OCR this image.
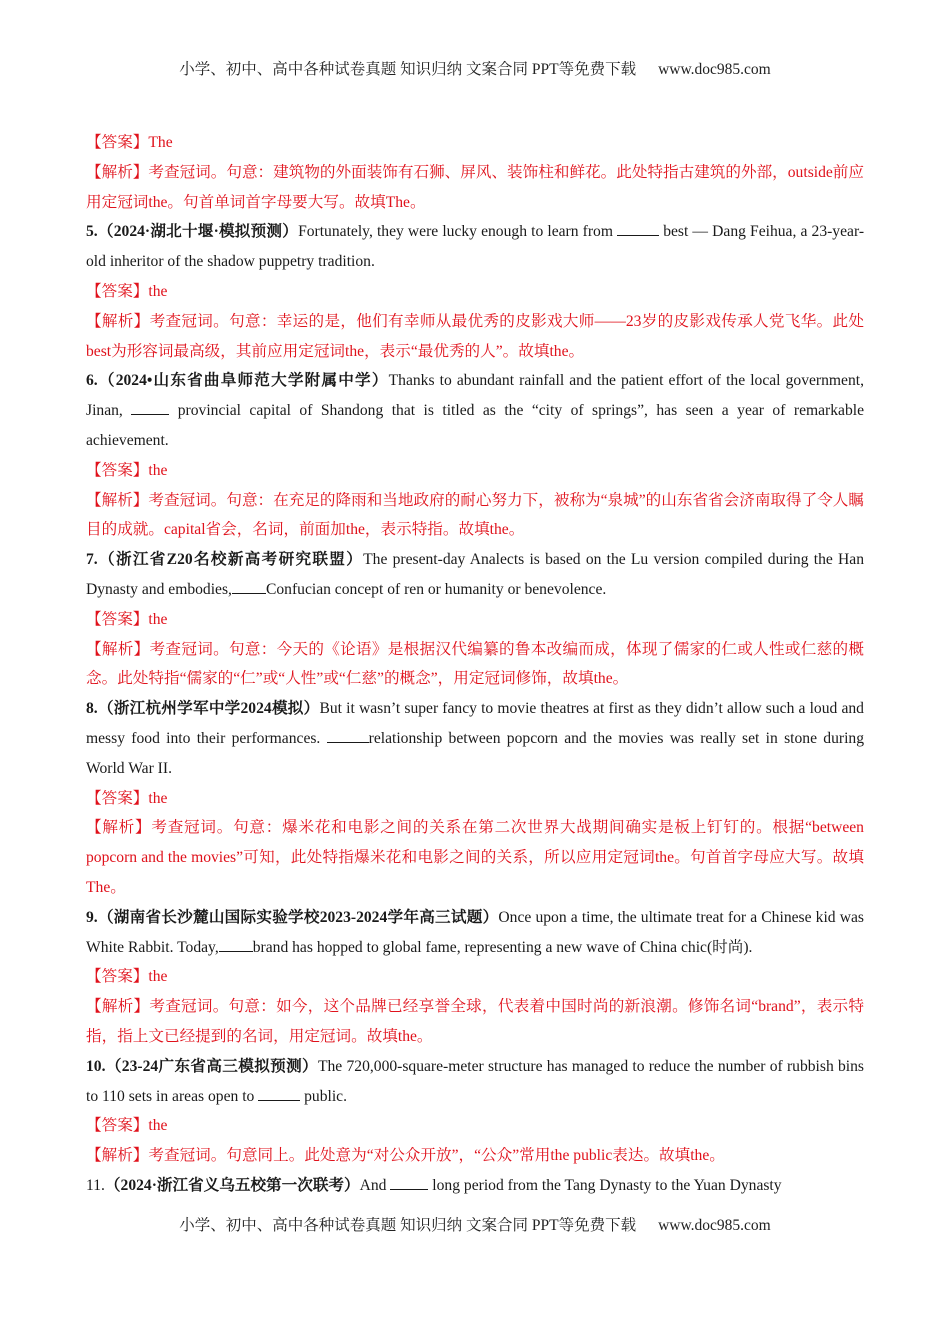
小学、初中、高中各种试卷真题 知识归纳 文案合同 PPT等免费下载 www.doc985.com

【答案】The

【解析】考查冠词。句意：建筑物的外面装饰有石狮、屏风、装饰柱和鲜花。此处特指古建筑的外部，outside前应用定冠词the。句首单词首字母要大写。故填The。

5.（2024·湖北十堰·模拟预测）Fortunately, they were lucky enough to learn from	best — Dang Feihua, a 23-year-old inheritor of the shadow puppetry tradition.

【答案】the

【解析】考查冠词。句意：幸运的是，他们有幸师从最优秀的皮影戏大师——23岁的皮影戏传承人党飞华。此处best为形容词最高级，其前应用定冠词the，表示“最优秀的人”。故填the。

6.（2024•山东省曲阜师范大学附属中学）Thanks to abundant rainfall and the patient effort of the local government, Jinan,  provincial capital of Shandong that is titled as the “city of springs”, has seen a year of remarkable achievement.

【答案】the

【解析】考查冠词。句意：在充足的降雨和当地政府的耐心努力下，被称为“泉城”的山东省省会济南取得了令人瞩目的成就。capital省会，名词，前面加the，表示特指。故填the。

7.（浙江省Z20名校新高考研究联盟）The present-day Analects is based on the Lu version compiled during the Han Dynasty and embodies, Confucian concept of ren or humanity or benevolence.

【答案】the

【解析】考查冠词。句意：今天的《论语》是根据汉代编纂的鲁本改编而成，体现了儒家的仁或人性或仁慈的概念。此处特指“儒家的“仁”或“人性”或“仁慈”的概念”，用定冠词修饰，故填the。

8.（浙江杭州学军中学2024模拟）But it wasn’t super fancy to movie theatres at first as they didn’t allow such a loud and messy food into their performances.	relationship between popcorn and the movies was really set in stone during World War II.

【答案】the

【解析】考查冠词。句意：爆米花和电影之间的关系在第二次世界大战期间确实是板上钉钉的。根据“between popcorn and the movies”可知，此处特指爆米花和电影之间的关系，所以应用定冠词the。句首首字母应大写。故填The。

9.（湖南省长沙麓山国际实验学校2023-2024学年高三试题）Once upon a time, the ultimate treat for a Chinese kid was White Rabbit. Today, brand has hopped to global fame, representing a new wave of China chic(时尚).

【答案】the

【解析】考查冠词。句意：如今，这个品牌已经享誉全球，代表着中国时尚的新浪潮。修饰名词“brand”，表示特指，指上文已经提到的名词，用定冠词。故填the。

10.（23-24广东省高三模拟预测）The 720,000-square-meter structure has managed to reduce the number of rubbish bins to 110 sets in areas open to	public.

【答案】the

【解析】考查冠词。句意同上。此处意为“对公众开放”，“公众”常用the public表达。故填the。

11.（2024·浙江省义乌五校第一次联考）And  long period from the Tang Dynasty to the Yuan Dynasty

小学、初中、高中各种试卷真题 知识归纳 文案合同 PPT等免费下载 www.doc985.com
